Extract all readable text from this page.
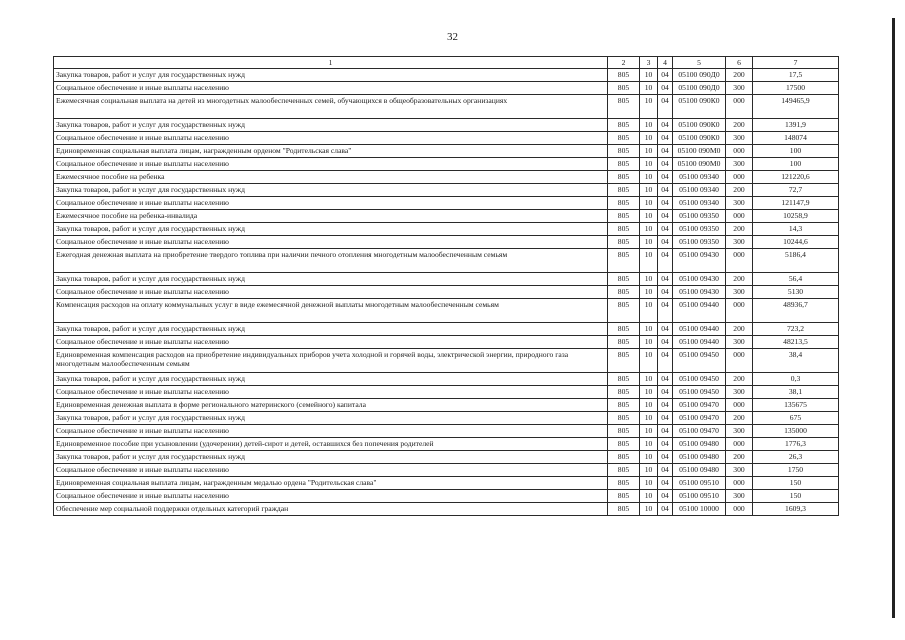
32
1	2	3	4	5	6	7
Закупка товаров, работ и услуг для государственных нужд	805	10	04	05100 090Д0	200	17,5
Социальное обеспечение и иные выплаты населению	805	10	04	05100 090Д0	300	17500
Ежемесячная социальная выплата на детей из многодетных малообеспеченных семей, обучающихся в общеобразовательных организациях	805	10	04	05100 090К0	000	149465,9
Закупка товаров, работ и услуг для государственных нужд	805	10	04	05100 090К0	200	1391,9
Социальное обеспечение и иные выплаты населению	805	10	04	05100 090К0	300	148074
Единовременная социальная выплата лицам, награжденным орденом "Родительская слава"	805	10	04	05100 090М0	000	100
Социальное обеспечение и иные выплаты населению	805	10	04	05100 090М0	300	100
Ежемесячное пособие на ребенка	805	10	04	05100 09340	000	121220,6
Закупка товаров, работ и услуг для государственных нужд	805	10	04	05100 09340	200	72,7
Социальное обеспечение и иные выплаты населению	805	10	04	05100 09340	300	121147,9
Ежемесячное пособие на ребенка-инвалида	805	10	04	05100 09350	000	10258,9
Закупка товаров, работ и услуг для государственных нужд	805	10	04	05100 09350	200	14,3
Социальное обеспечение и иные выплаты населению	805	10	04	05100 09350	300	10244,6
Ежегодная денежная выплата на приобретение твердого топлива при наличии печного отопления многодетным малообеспеченным семьям	805	10	04	05100 09430	000	5186,4
Закупка товаров, работ и услуг для государственных нужд	805	10	04	05100 09430	200	56,4
Социальное обеспечение и иные выплаты населению	805	10	04	05100 09430	300	5130
Компенсация расходов на оплату коммунальных услуг в виде ежемесячной денежной выплаты многодетным малообеспеченным семьям	805	10	04	05100 09440	000	48936,7
Закупка товаров, работ и услуг для государственных нужд	805	10	04	05100 09440	200	723,2
Социальное обеспечение и иные выплаты населению	805	10	04	05100 09440	300	48213,5
Единовременная компенсация расходов на приобретение индивидуальных приборов учета холодной и горячей воды, электрической энергии, природного газа многодетным малообеспеченным семьям	805	10	04	05100 09450	000	38,4
Закупка товаров, работ и услуг для государственных нужд	805	10	04	05100 09450	200	0,3
Социальное обеспечение и иные выплаты населению	805	10	04	05100 09450	300	38,1
Единовременная денежная выплата в форме регионального материнского (семейного) капитала	805	10	04	05100 09470	000	135675
Закупка товаров, работ и услуг для государственных нужд	805	10	04	05100 09470	200	675
Социальное обеспечение и иные выплаты населению	805	10	04	05100 09470	300	135000
Единовременное пособие при усыновлении (удочерении) детей-сирот и детей, оставшихся без попечения родителей	805	10	04	05100 09480	000	1776,3
Закупка товаров, работ и услуг для государственных нужд	805	10	04	05100 09480	200	26,3
Социальное обеспечение и иные выплаты населению	805	10	04	05100 09480	300	1750
Единовременная социальная выплата лицам, награжденным медалью ордена "Родительская слава"	805	10	04	05100 09510	000	150
Социальное обеспечение и иные выплаты населению	805	10	04	05100 09510	300	150
Обеспечение мер социальной поддержки отдельных категорий граждан	805	10	04	05100 10000	000	1609,3
